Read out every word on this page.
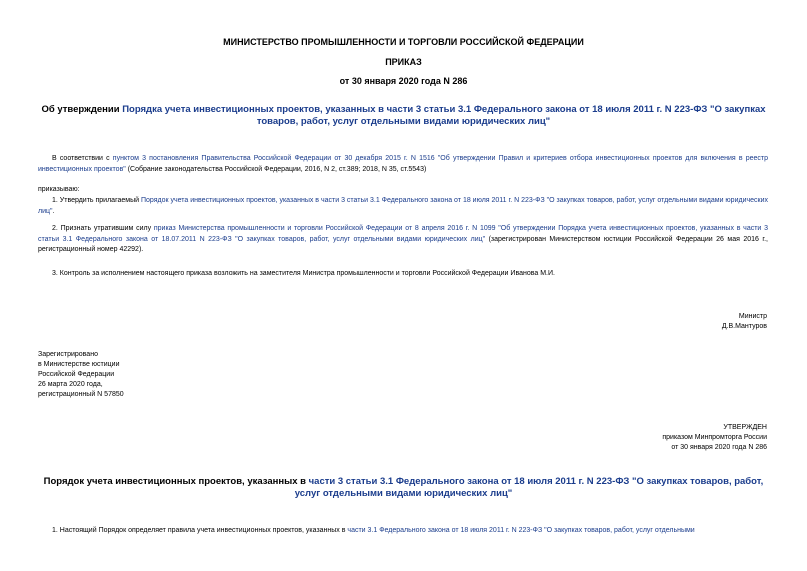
МИНИСТЕРСТВО ПРОМЫШЛЕННОСТИ И ТОРГОВЛИ РОССИЙСКОЙ ФЕДЕРАЦИИ
ПРИКАЗ
от 30 января 2020 года N 286
Об утверждении Порядка учета инвестиционных проектов, указанных в части 3 статьи 3.1 Федерального закона от 18 июля 2011 г. N 223-ФЗ "О закупках товаров, работ, услуг отдельными видами юридических лиц"
В соответствии с пунктом 3 постановления Правительства Российской Федерации от 30 декабря 2015 г. N 1516 "Об утверждении Правил и критериев отбора инвестиционных проектов для включения в реестр инвестиционных проектов" (Собрание законодательства Российской Федерации, 2016, N 2, ст.389; 2018, N 35, ст.5543)
приказываю:
1. Утвердить прилагаемый Порядок учета инвестиционных проектов, указанных в части 3 статьи 3.1 Федерального закона от 18 июля 2011 г. N 223-ФЗ "О закупках товаров, работ, услуг отдельными видами юридических лиц".
2. Признать утратившим силу приказ Министерства промышленности и торговли Российской Федерации от 8 апреля 2016 г. N 1099 "Об утверждении Порядка учета инвестиционных проектов, указанных в части 3 статьи 3.1 Федерального закона от 18.07.2011 N 223-ФЗ "О закупках товаров, работ, услуг отдельными видами юридических лиц" (зарегистрирован Министерством юстиции Российской Федерации 26 мая 2016 г., регистрационный номер 42292).
3. Контроль за исполнением настоящего приказа возложить на заместителя Министра промышленности и торговли Российской Федерации Иванова М.И.
Министр
Д.В.Мантуров
Зарегистрировано
в Министерстве юстиции
Российской Федерации
26 марта 2020 года,
регистрационный N 57850
УТВЕРЖДЕН
приказом Минпромторга России
от 30 января 2020 года N 286
Порядок учета инвестиционных проектов, указанных в части 3 статьи 3.1 Федерального закона от 18 июля 2011 г. N 223-ФЗ "О закупках товаров, работ, услуг отдельными видами юридических лиц"
1. Настоящий Порядок определяет правила учета инвестиционных проектов, указанных в части 3.1 Федерального закона от 18 июля 2011 г. N 223-ФЗ "О закупках товаров, работ, услуг отдельными
